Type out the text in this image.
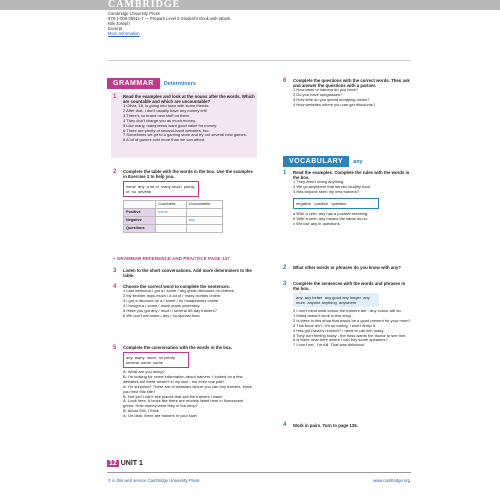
CAMBRIDGE
Cambridge University Press
978-1-009-05911-7 — Prepare Level 5 Student's Book with eBook
Niki Joseph
Excerpt
More Information
GRAMMAR Determiners
1 Read the examples and look at the nouns after the words. Which are countable and which are uncountable?
1 Olivia, 16, is going into town with some friends.
2 After that, I don't usually have any money left!
3 There's no brand new stuff on them.
4 They don't charge you as much money.
5 Like many, many teens want good value for money.
6 There are plenty of second-hand websites, too.
7 Sometimes we go to a gaming store and try out several new games.
8 A lot of games cost more than we can afford.
2 Complete the table with the words in the box. Use the examples in Exercise 1 to help you.
some any a lot of many much plenty of no several
	Countable	Uncountable
Positive	some	
Negative		any
Questions		
» GRAMMAR REFERENCE AND PRACTICE PAGE 147
3 Listen to the short conversations. Add more determiners to the table.
4 Choose the correct word to complete the sentences.
1 Last weekend I got a / some / any great discounts on clothes.
2 My brother buys much / a lot of / many clothes online.
3 I got a discount on a / some / no headphones online.
4 I bought a / some / much jeans yesterday.
5 Have you got any / much / several 80-day trainers?
6 We don't eat some / any / no special food.
5 Complete the conversation with the words in the box.
any many much no plenty  several some some
A: What are you doing?
B: I'm looking for some information about trainers. I looked on a few websites but there weren't in my size - not even one pair!
A: I'm surprised. There are of websites where you can buy trainers. Have you tried this site?
B: Not yet! I can't see places that sell the trainers I want!
A: Look here. It looks like there are models listed here in fluorescent green. How money were they in the shop?
B: About £50, I think.
A: Oh dear, there are trainers in your size!
6 Complete the questions with the correct words. Then ask and answer the questions with a partner.
1 How pairs of trainers do you have?
2 Do you have sunglasses?
3 How time do you spend shopping online?
4 How websites where you can get discounts?
VOCABULARY any
1 Read the examples. Complete the rules with the words in the box.
1 They aren't doing anything.
2 We go anywhere that serves healthy food.
3 Has anyone seen my new trainers?
negative positive question
a With a verb, any has a positive meaning.
b With a verb, any means the same as no.
c We use any in questions.
2 What other words or phrases do you know with any?
3 Complete the sentences with the words and phrases in the box.
any any better any good any longer any more anyone anything anywhere
0 I don't mind what colour the trainers are - any colour will do.
1 Maria doesn't work in this shop .
2 Is there in this shop that would be a good present for your mum?
3 This book isn't - it's so boring. I won't finish it.
4 Has got David's number? I need to call him today.
5 Tony isn't feeling today - the boss wants the doctor to see him.
6 Is there near here where I can buy some speakers?
7 I can't eat . I'm full. That was delicious!
4 Work in pairs. Turn to page 135.
12 UNIT 1
© in this web service Cambridge University Press	www.cambridge.org
